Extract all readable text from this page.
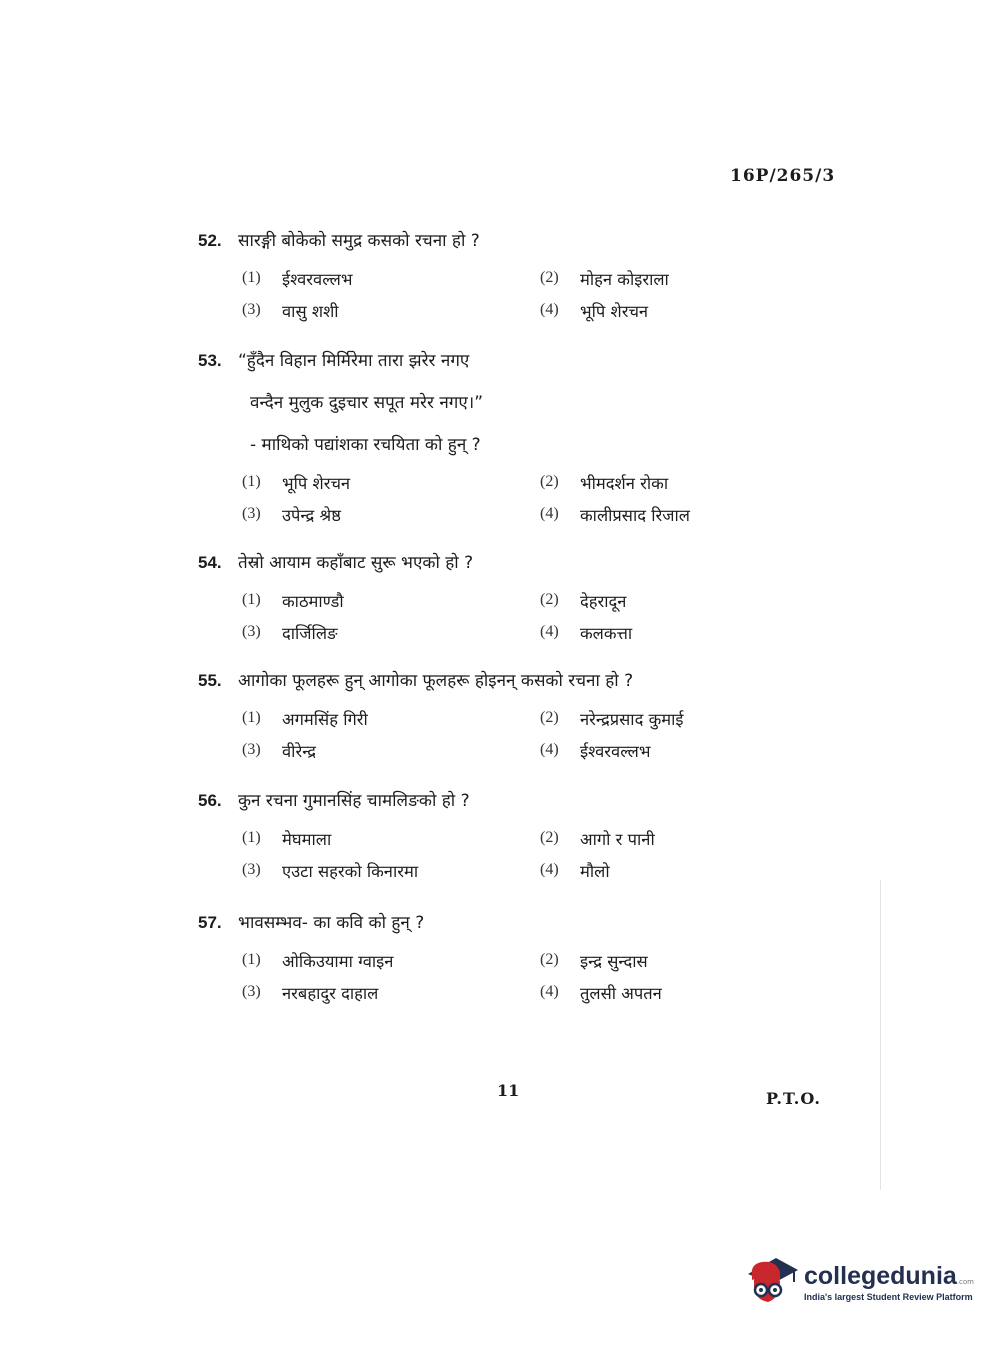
16P/265/3
52. सारङ्गी बोकेको समुद्र कसको रचना हो ?
(1)	ईश्वरवल्लभ	(2)	मोहन कोइराला
(3)	वासु शशी	(4)	भूपि शेरचन
53. “हुँदैन विहान मिर्मिरेमा तारा झरेर नगए
वन्दैन मुलुक दुइचार सपूत मरेर नगए।”
- माथिको पद्यांशका रचयिता को हुन् ?
(1)	भूपि शेरचन	(2)	भीमदर्शन रोका
(3)	उपेन्द्र श्रेष्ठ	(4)	कालीप्रसाद रिजाल
54. तेस्रो आयाम कहाँबाट सुरू भएको हो ?
(1)	काठमाण्डौ	(2)	देहरादून
(3)	दार्जिलिङ	(4)	कलकत्ता
55. आगोका फूलहरू हुन् आगोका फूलहरू होइनन् कसको रचना हो ?
(1)	अगमसिंह गिरी	(2)	नरेन्द्रप्रसाद कुमाई
(3)	वीरेन्द्र	(4)	ईश्वरवल्लभ
56. कुन रचना गुमानसिंह चामलिङको हो ?
(1)	मेघमाला	(2)	आगो र पानी
(3)	एउटा सहरको किनारमा	(4)	मौलो
57. भावसम्भव- का कवि को हुन् ?
(1)	ओकिउयामा ग्वाइन	(2)	इन्द्र सुन्दास
(3)	नरबहादुर दाहाल	(4)	तुलसी अपतन
11	P.T.O.
collegedunia.com
India's largest Student Review Platform
